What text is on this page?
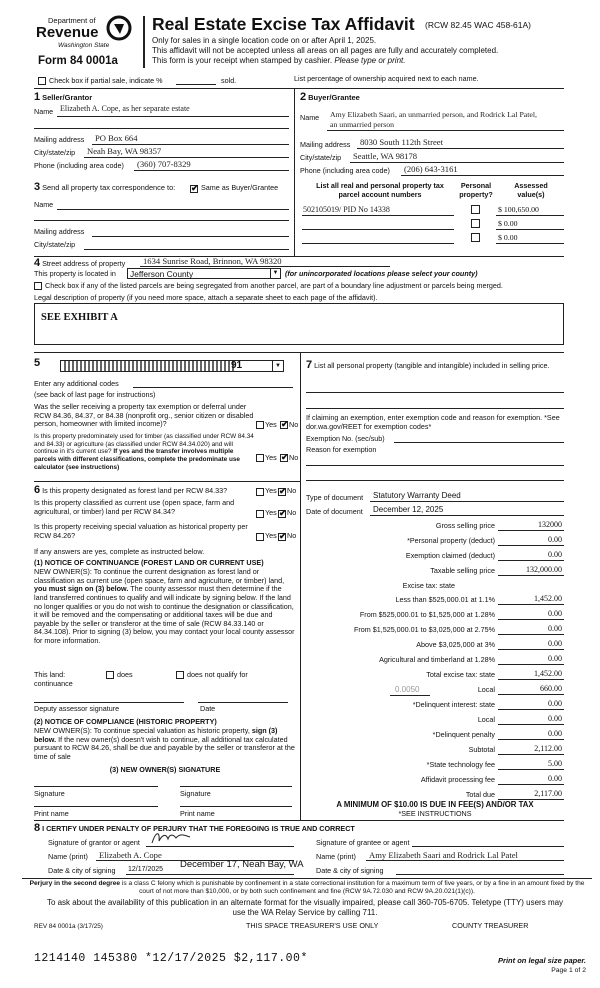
Department of
Revenue
Washington State
Form 84 0001a
Real Estate Excise Tax Affidavit (RCW 82.45 WAC 458-61A)
Only for sales in a single location code on or after April 1, 2025.
This affidavit will not be accepted unless all areas on all pages are fully and accurately completed.
This form is your receipt when stamped by cashier. Please type or print.
Check box if partial sale, indicate %	sold.	List percentage of ownership acquired next to each name.
1 Seller/Grantor
Name Elizabeth A. Cope, as her separate estate
Mailing address PO Box 664
City/state/zip Neah Bay, WA 98357
Phone (including area code) (360) 707-8329
2 Buyer/Grantee
Name Amy Elizabeth Saari, an unmarried person, and Rodrick Lal Patel,
an unmarried person
Mailing address 8030 South 112th Street
City/state/zip Seattle, WA 98178
Phone (including area code) (206) 643-3161
3 Send all property tax correspondence to: ✔	Same as Buyer/Grantee
Name
Mailing address
City/state/zip
List all real and personal property tax parcel account numbers
Personal property?
Assessed value(s)
502105019/ PID No 14338	$ 100,650.00
$ 0.00
$ 0.00
4 Street address of property 1634 Sunrise Road, Brinnon, WA 98320
This property is located in Jefferson County	▼ (for unincorporated locations please select your county)
Check box if any of the listed parcels are being segregated from another parcel, are part of a boundary line adjustment or parcels being merged.
Legal description of property (if you need more space, attach a separate sheet to each page of the affidavit).
SEE EXHIBIT A
5	91	▼
Enter any additional codes
(see back of last page for instructions)
Was the seller receiving a property tax exemption or deferral under RCW 84.36, 84.37, or 84.38 (nonprofit org., senior citizen or disabled person, homeowner with limited income)?	Yes ✔ No
Is this property predominately used for timber (as classified under RCW 84.34 and 84.33) or agriculture (as classified under RCW 84.34.020) and will continue in it's current use? If yes and the transfer involves multiple parcels with different classifications, complete the predominate use calculator (see instructions)
Yes ✔ No
6 Is this property designated as forest land per RCW 84.33?	Yes ✔ No
Is this property classified as current use (open space, farm and agricultural, or timber) land per RCW 84.34?	Yes ✔ No
Is this property receiving special valuation as historical property per RCW 84.26?	Yes ✔ No
If any answers are yes, complete as instructed below.
(1) NOTICE OF CONTINUANCE (FOREST LAND OR CURRENT USE)
NEW OWNER(S): To continue the current designation as forest land or classification as current use (open space, farm and agriculture, or timber) land, you must sign on (3) below. The county assessor must then determine if the land transferred continues to qualify and will indicate by signing below. If the land no longer qualifies or you do not wish to continue the designation or classification, it will be removed and the compensating or additional taxes will be due and payable by the seller or transferor at the time of sale (RCW 84.33.140 or 84.34.108). Prior to signing (3) below, you may contact your local county assessor for more information.
This land:
continuance
does	does not qualify for
Deputy assessor signature	Date
(2) NOTICE OF COMPLIANCE (HISTORIC PROPERTY)
NEW OWNER(S): To continue special valuation as historic property, sign (3) below. If the new owner(s) doesn't wish to continue, all additional tax calculated pursuant to RCW 84.26, shall be due and payable by the seller or transferor at the time of sale
(3) NEW OWNER(S) SIGNATURE
Signature	Signature
Print name	Print name
7 List all personal property (tangible and intangible) included in selling price.
If claiming an exemption, enter exemption code and reason for exemption. *See dor.wa.gov/REET for exemption codes*
Exemption No. (sec/sub)
Reason for exemption
Type of document Statutory Warranty Deed
Date of document December 12, 2025
Gross selling price	132000
*Personal property (deduct)	0.00
Exemption claimed (deduct)	0.00
Taxable selling price	132,000.00
Excise tax: state
Less than $525,000.01 at 1.1%	1,452.00
From $525,000.01 to $1,525,000 at 1.28%	0.00
From $1,525,000.01 to $3,025,000 at 2.75%	0.00
Above $3,025,000 at 3%	0.00
Agricultural and timberland at 1.28%	0.00
Total excise tax: state	1,452.00
0.0050	Local	660.00
*Delinquent interest: state	0.00
Local	0.00
*Delinquent penalty	0.00
Subtotal	2,112.00
*State technology fee	5.00
Affidavit processing fee	0.00
Total due	2,117.00
A MINIMUM OF $10.00 IS DUE IN FEE(S) AND/OR TAX
*SEE INSTRUCTIONS
8 I CERTIFY UNDER PENALTY OF PERJURY THAT THE FOREGOING IS TRUE AND CORRECT
Signature of grantor or agent	Signature of grantee or agent
Name (print) Elizabeth A. Cope	Name (print) Amy Elizabeth Saari and Rodrick Lal Patel
Date & city of signing 12/17/2025 December 17, Neah Bay, WA
Date & city of signing
Perjury in the second degree is a class C felony which is punishable by confinement in a state correctional institution for a maximum term of five years, or by a fine in an amount fixed by the court of not more than $10,000, or by both such confinement and fine (RCW 9A.72.030 and RCW 9A.20.021(1)(c)).
To ask about the availability of this publication in an alternate format for the visually impaired, please call 360-705-6705. Teletype (TTY) users may use the WA Relay Service by calling 711.
REV 84 0001a (3/17/25)	THIS SPACE TREASURER'S USE ONLY	COUNTY TREASURER
1214140 145380 *12/17/2025 $2,117.00*	Print on legal size paper.
Page 1 of 2
